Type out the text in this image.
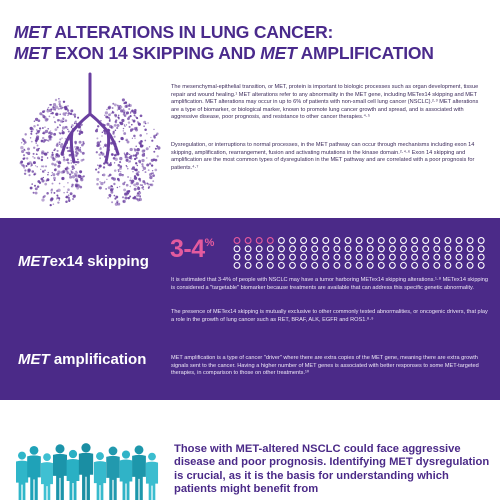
MET ALTERATIONS IN LUNG CANCER:
MET EXON 14 SKIPPING AND MET AMPLIFICATION

The mesenchymal-epithelial transition, or MET, protein is important to biologic processes such as organ development, tissue repair and wound healing.¹ MET alterations refer to any abnormality in the MET gene, including METex14 skipping and MET amplification. MET alterations may occur in up to 6% of patients with non-small cell lung cancer (NSCLC).²·³ MET alterations are a type of biomarker, or biological marker, known to promote lung cancer growth and spread, and is associated with aggressive disease, poor prognosis, and resistance to other cancer therapies.⁴·⁵

Dysregulation, or interruptions to normal processes, in the MET pathway can occur through mechanisms including exon 14 skipping, amplification, rearrangement, fusion and activating mutations in the kinase domain.²·⁴·⁶ Exon 14 skipping and amplification are the most common types of dysregulation in the MET pathway and are correlated with a poor prognosis for patients.⁴·⁷

METex14 skipping 3-4%

It is estimated that 3-4% of people with NSCLC may have a tumor harboring METex14 skipping alterations.¹·⁸ METex14 skipping is considered a "targetable" biomarker because treatments are available that can address this specific genetic abnormality.

The presence of METex14 skipping is mutually exclusive to other commonly tested abnormalities, or oncogenic drivers, that play a role in the growth of lung cancer such as RET, BRAF, ALK, EGFR and ROS1.⁸·⁹

MET amplification	MET amplification is a type of cancer "driver" where there are extra copies of the MET gene, meaning there are extra growth signals sent to the cancer. Having a higher number of MET genes is associated with better responses to some MET-targeted therapies, in comparison to those on other treatments.¹⁰

Those with MET-altered NSCLC could face aggressive disease and poor prognosis. Identifying MET dysregulation is crucial, as it is the basis for understanding which patients might benefit from
